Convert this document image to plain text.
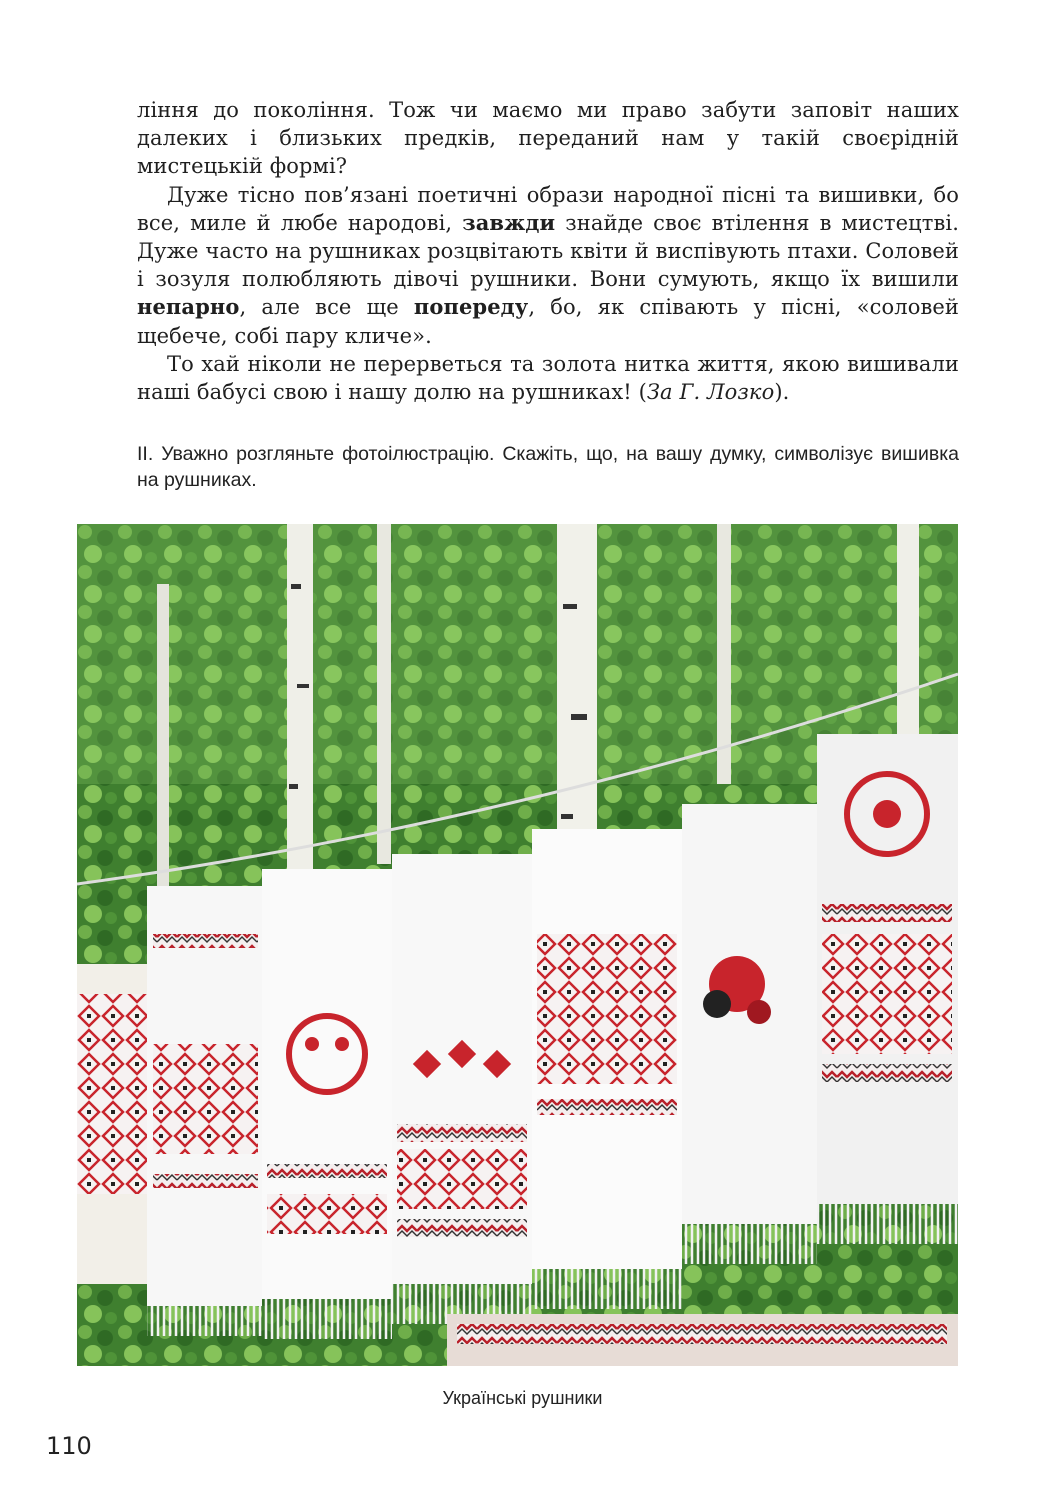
ління до покоління. Тож чи маємо ми право забути заповіт наших далеких і близьких предків, переданий нам у такій своєрідній мистецькій формі?

Дуже тісно пов’язані поетичні образи народної пісні та вишивки, бо все, миле й любе народові, завжди знайде своє втілення в мистецтві. Дуже часто на рушниках розцвітають квіти й виспівують птахи. Соловей і зозуля полюбляють дівочі рушники. Вони сумують, якщо їх вишили непарно, але все ще попереду, бо, як співають у пісні, «соловей щебече, собі пару кличе».

То хай ніколи не перерветься та золота нитка життя, якою вишивали наші бабусі свою і нашу долю на рушниках! (За Г. Лозко).

II. Уважно розгляньте фотоілюстрацію. Скажіть, що, на вашу думку, символізує вишивка на рушниках.
Українські рушники
110
